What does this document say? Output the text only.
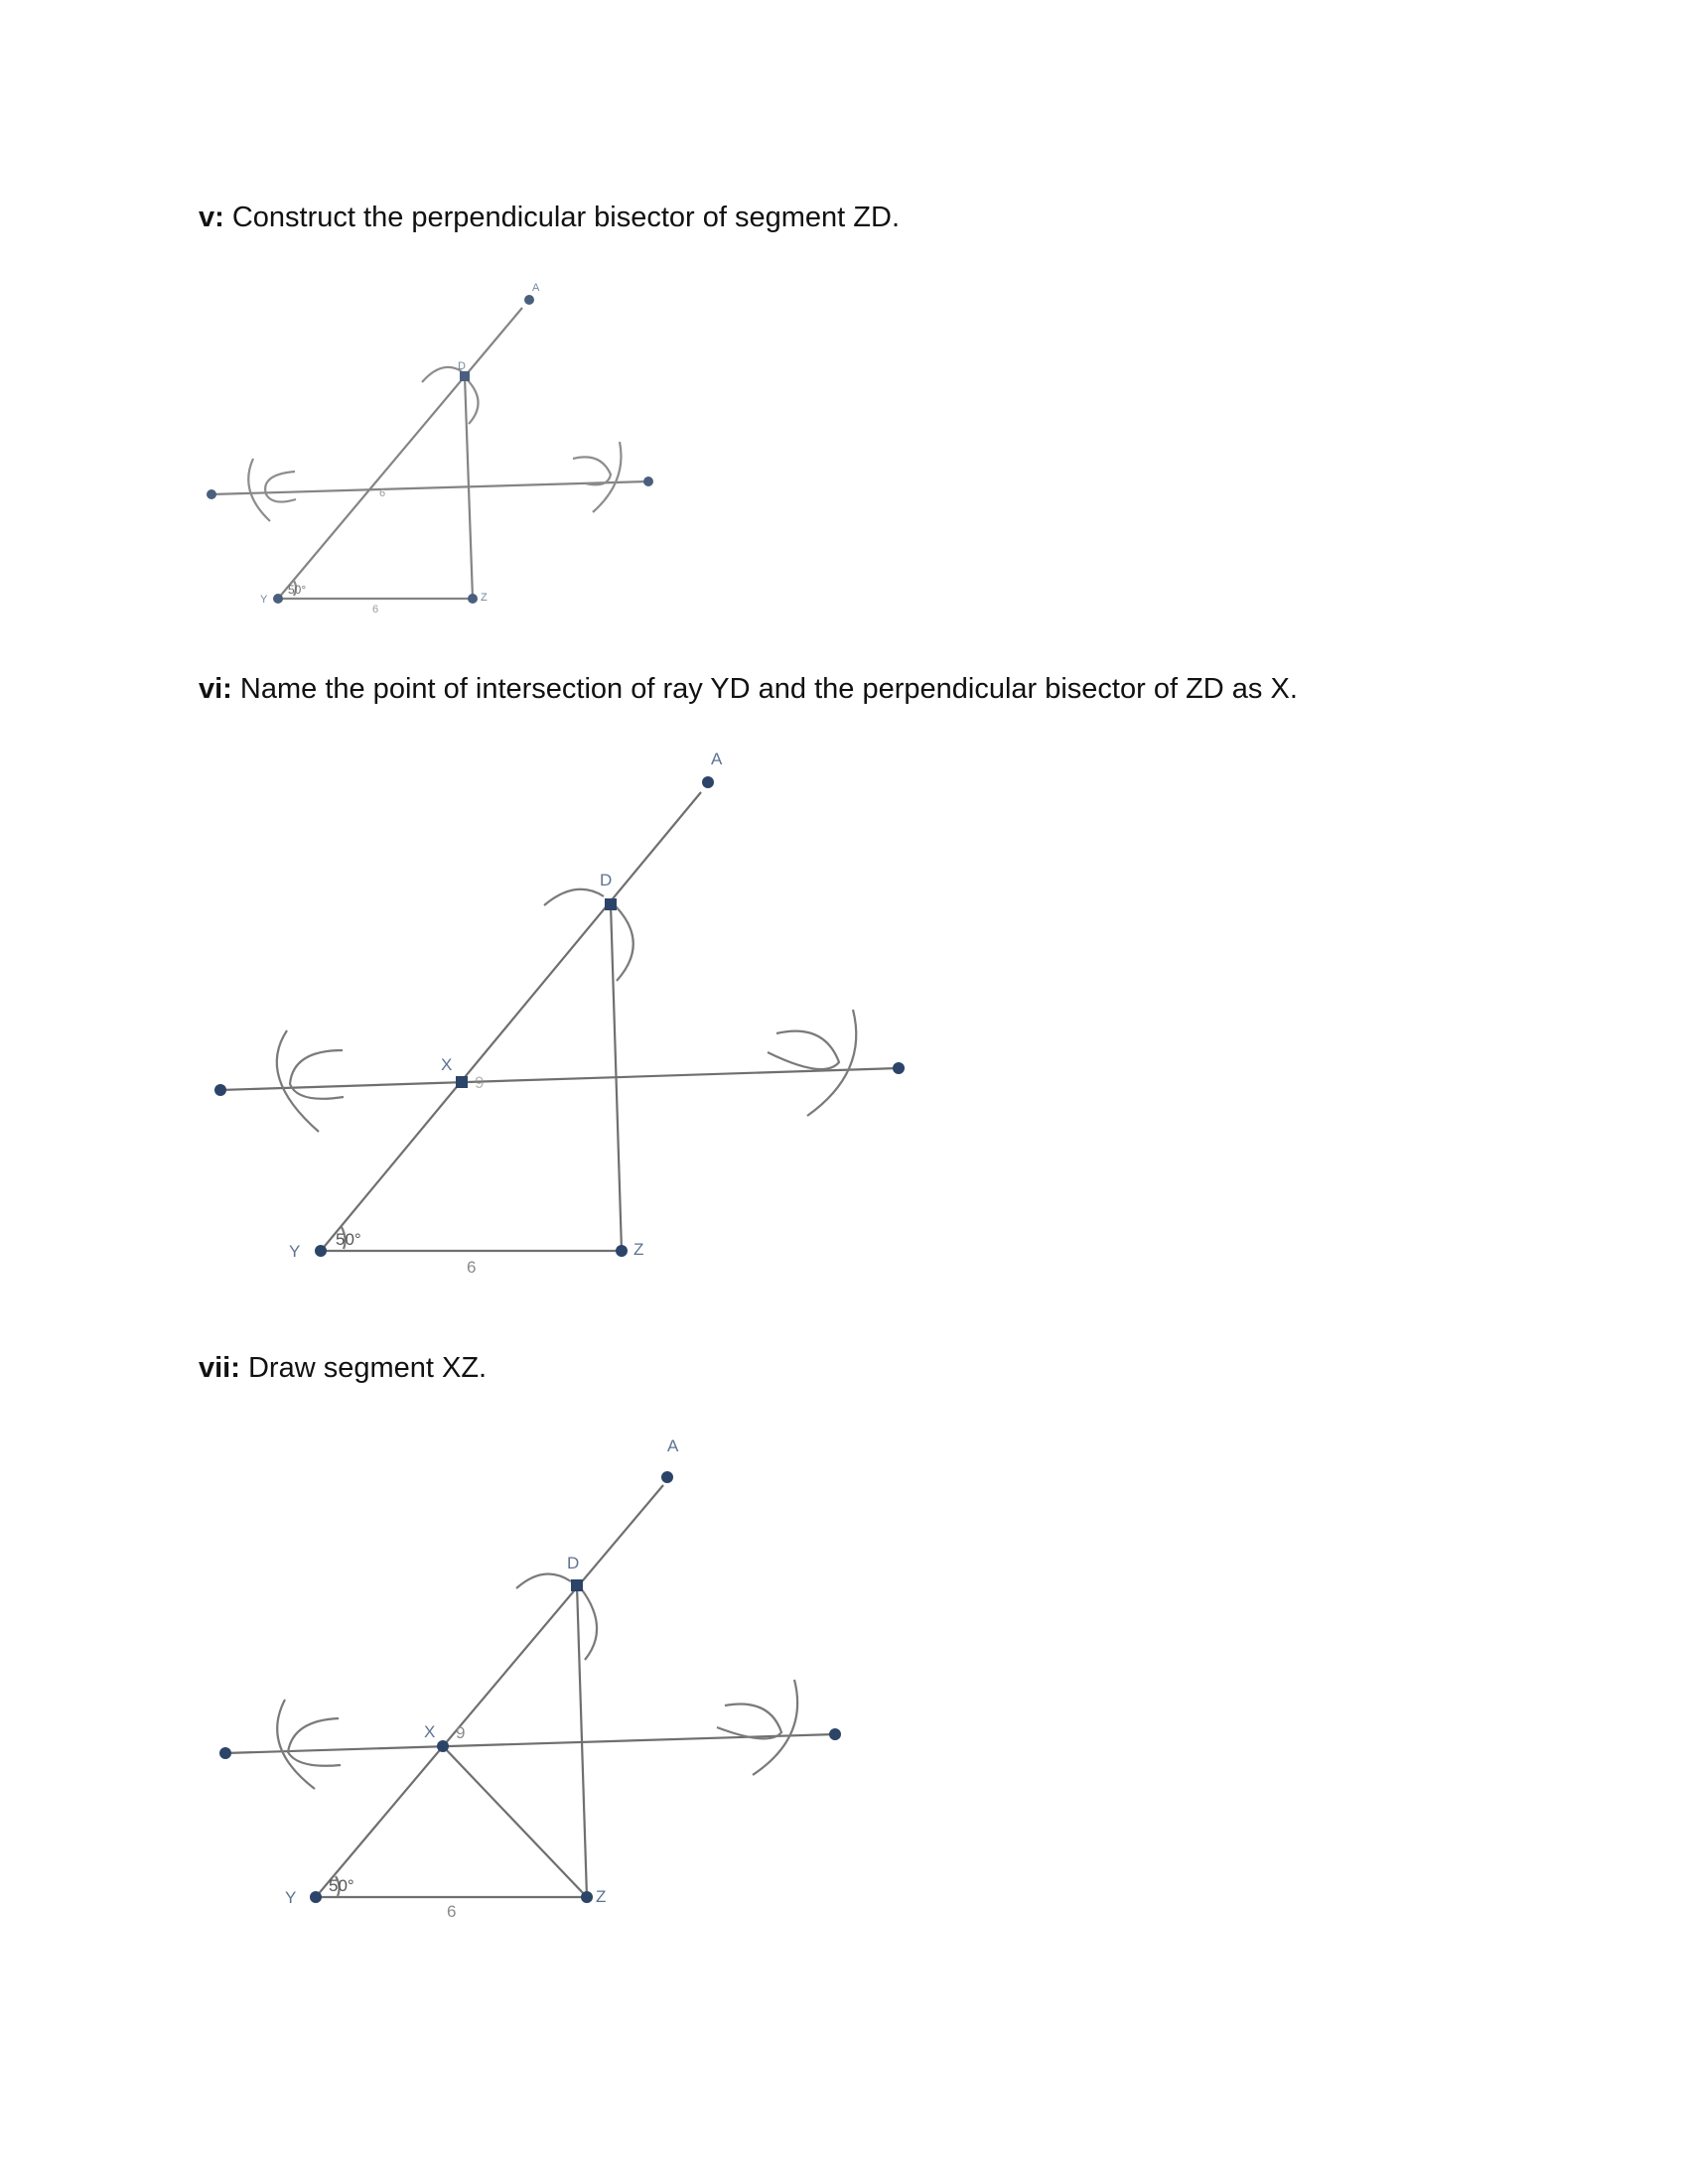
v: Construct the perpendicular bisector of segment ZD.
vi: Name the point of intersection of ray YD and the perpendicular bisector of ZD as X.
vii: Draw segment XZ.
A
D
Y	Z
50°
6
6
A
D
X
Y	Z
50°
6
9
A
D
X
Y	Z
50°
6
9
